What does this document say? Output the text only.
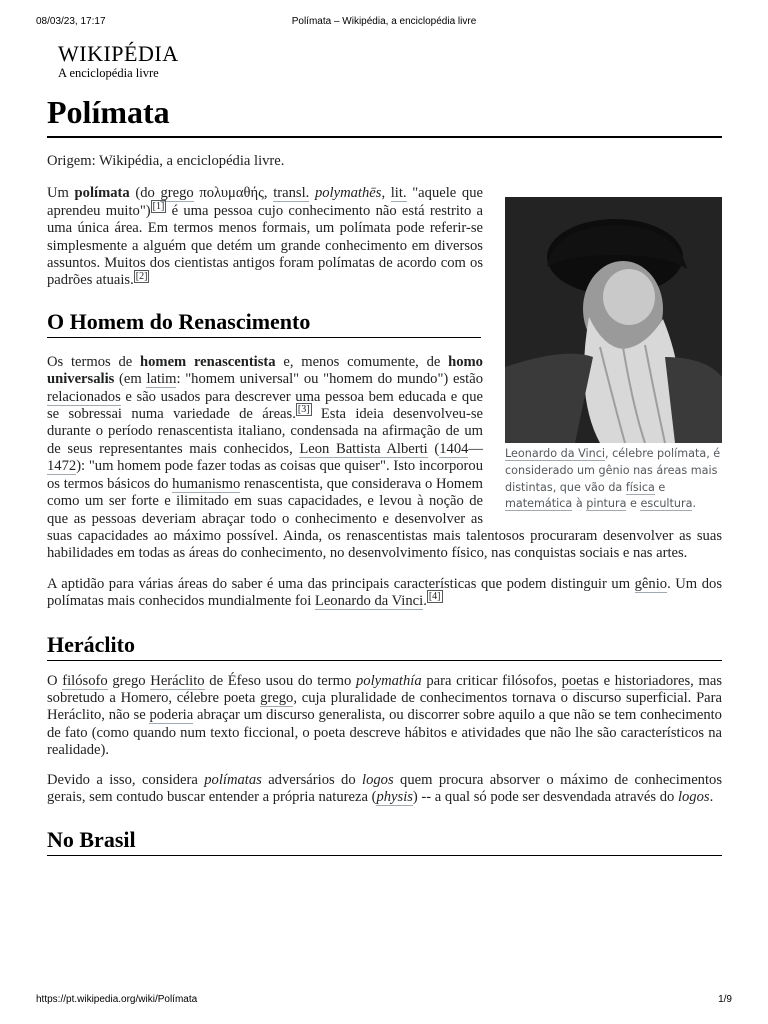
08/03/23, 17:17	Polímata – Wikipédia, a enciclopédia livre
WIKIPÉDIA
A enciclopédia livre
Polímata

Origem: Wikipédia, a enciclopédia livre.

Leonardo da Vinci, célebre polímata, é considerado um gênio nas áreas mais distintas, que vão da física e matemática à pintura e escultura.

Um polímata (do grego πολυμαθής, transl. polymathēs, lit. "aquele que aprendeu muito") [1] é uma pessoa cujo conhecimento não está restrito a uma única área. Em termos menos formais, um polímata pode referir-se simplesmente a alguém que detém um grande conhecimento em diversos assuntos. Muitos dos cientistas antigos foram polímatas de acordo com os padrões atuais. [2]

O Homem do Renascimento

Os termos de homem renascentista e, menos comumente, de homo universalis (em latim: "homem universal" ou "homem do mundo") estão relacionados e são usados para descrever uma pessoa bem educada e que se sobressai numa variedade de áreas. [3] Esta ideia desenvolveu-se durante o período renascentista italiano, condensada na afirmação de um de seus representantes mais conhecidos, Leon Battista Alberti (1404—1472): "um homem pode fazer todas as coisas que quiser". Isto incorporou os termos básicos do humanismo renascentista, que considerava o Homem como um ser forte e ilimitado em suas capacidades, e levou à noção de que as pessoas deveriam abraçar todo o conhecimento e desenvolver as suas capacidades ao máximo possível. Ainda, os renascentistas mais talentosos procuraram desenvolver as suas habilidades em todas as áreas do conhecimento, no desenvolvimento físico, nas conquistas sociais e nas artes.

A aptidão para várias áreas do saber é uma das principais características que podem distinguir um gênio. Um dos polímatas mais conhecidos mundialmente foi Leonardo da Vinci. [4]

Heráclito

O filósofo grego Heráclito de Éfeso usou do termo polymathía para criticar filósofos, poetas e historiadores, mas sobretudo a Homero, célebre poeta grego, cuja pluralidade de conhecimentos tornava o discurso superficial. Para Heráclito, não se poderia abraçar um discurso generalista, ou discorrer sobre aquilo a que não se tem conhecimento de fato (como quando num texto ficcional, o poeta descreve hábitos e atividades que não lhe são característicos na realidade).

Devido a isso, considera polímatas adversários do logos quem procura absorver o máximo de conhecimentos gerais, sem contudo buscar entender a própria natureza (physis) -- a qual só pode ser desvendada através do logos.

No Brasil
https://pt.wikipedia.org/wiki/Polímata	1/9
